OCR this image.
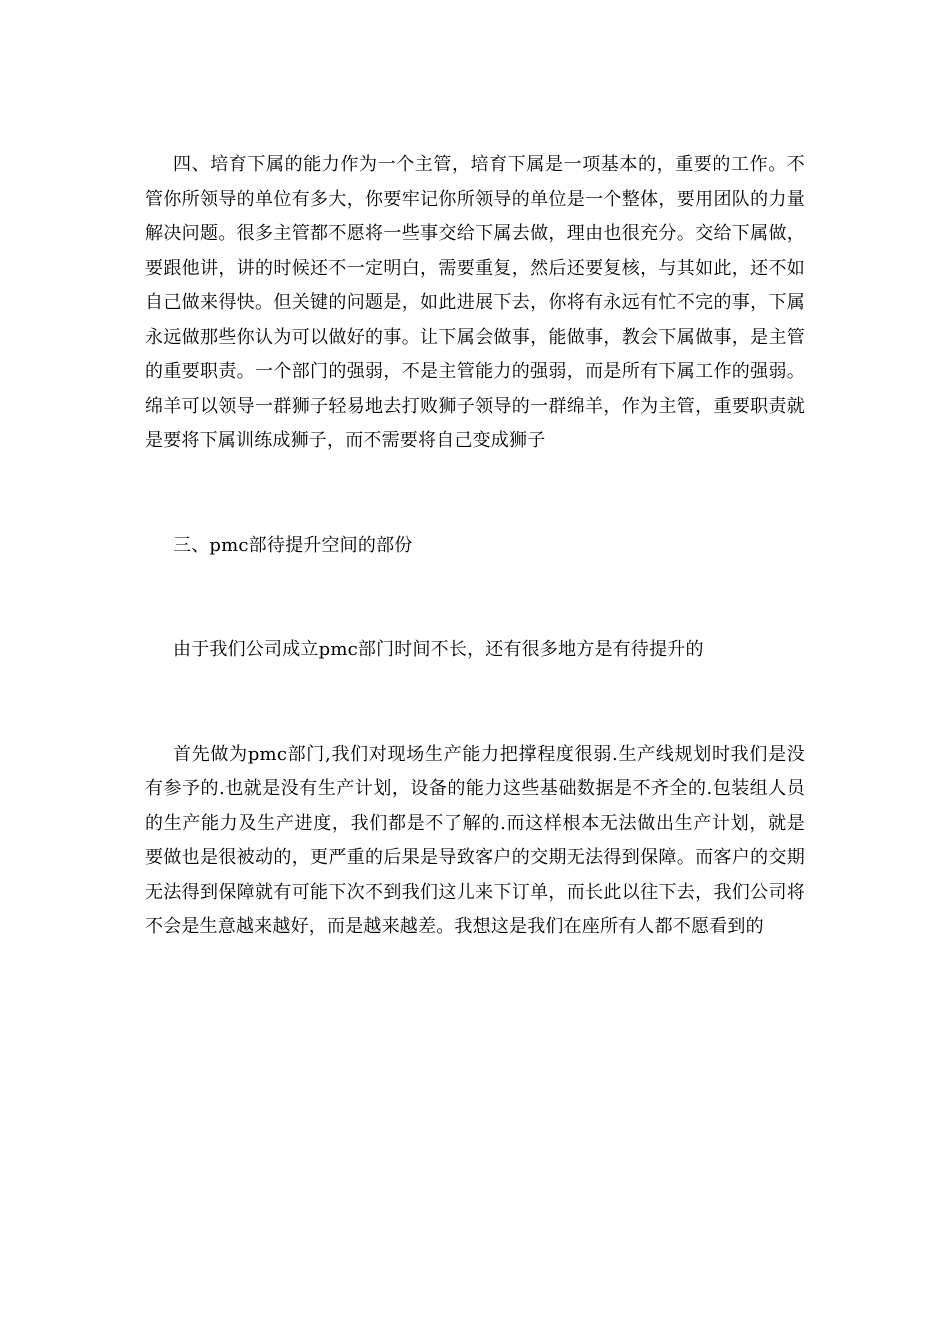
四、培育下属的能力作为一个主管，培育下属是一项基本的，重要的工作。不管你所领导的单位有多大，你要牢记你所领导的单位是一个整体，要用团队的力量解决问题。很多主管都不愿将一些事交给下属去做，理由也很充分。交给下属做，要跟他讲，讲的时候还不一定明白，需要重复，然后还要复核，与其如此，还不如自己做来得快。但关键的问题是，如此进展下去，你将有永远有忙不完的事，下属永远做那些你认为可以做好的事。让下属会做事，能做事，教会下属做事，是主管的重要职责。一个部门的强弱，不是主管能力的强弱，而是所有下属工作的强弱。绵羊可以领导一群狮子轻易地去打败狮子领导的一群绵羊，作为主管，重要职责就是要将下属训练成狮子，而不需要将自己变成狮子

三、pmc部待提升空间的部份

由于我们公司成立pmc部门时间不长，还有很多地方是有待提升的

首先做为pmc部门,我们对现场生产能力把撑程度很弱.生产线规划时我们是没有参予的.也就是没有生产计划，设备的能力这些基础数据是不齐全的.包装组人员的生产能力及生产进度，我们都是不了解的.而这样根本无法做出生产计划，就是要做也是很被动的，更严重的后果是导致客户的交期无法得到保障。而客户的交期无法得到保障就有可能下次不到我们这儿来下订单，而长此以往下去，我们公司将不会是生意越来越好，而是越来越差。我想这是我们在座所有人都不愿看到的
